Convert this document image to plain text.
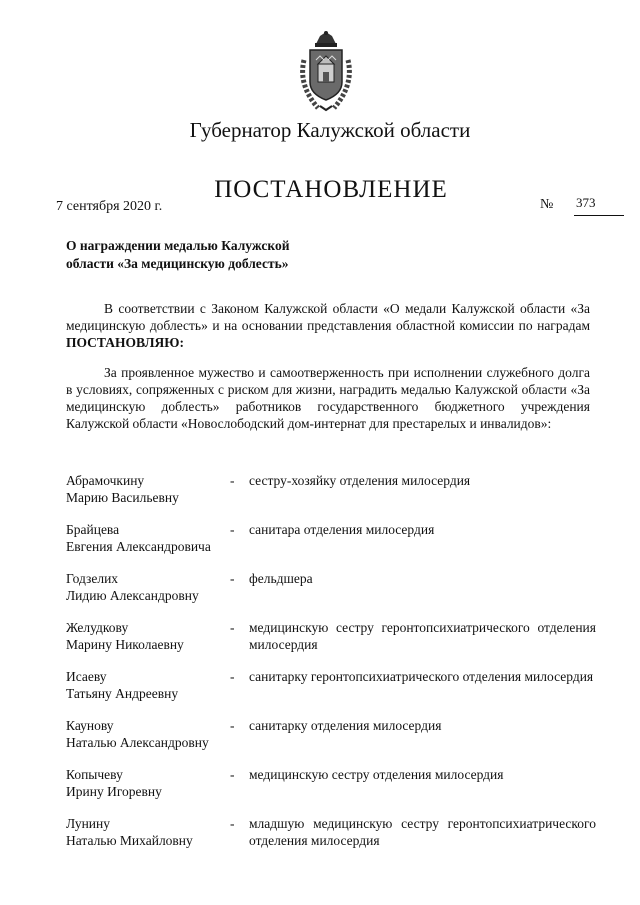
Губернатор Калужской области
ПОСТАНОВЛЕНИЕ
7 сентября 2020 г.	№ 373
О награждении медалью Калужской
области «За медицинскую доблесть»
В соответствии с Законом Калужской области «О медали Калужской области «За медицинскую доблесть» и на основании представления областной комиссии по наградам ПОСТАНОВЛЯЮ:
За проявленное мужество и самоотверженность при исполнении служебного долга в условиях, сопряженных с риском для жизни, наградить медалью Калужской области «За медицинскую доблесть» работников государственного бюджетного учреждения Калужской области «Новослободский дом-интернат для престарелых и инвалидов»:
Абрамочкину
Марию Васильевну
- сестру-хозяйку отделения милосердия
Брайцева
Евгения Александровича
- санитара отделения милосердия
Годзелих
Лидию Александровну
- фельдшера
Желудкову
Марину Николаевну
- медицинскую сестру геронтопсихиатрического отделения милосердия
Исаеву
Татьяну Андреевну
- санитарку геронтопсихиатрического отделения милосердия
Каунову
Наталью Александровну
- санитарку отделения милосердия
Копычеву
Ирину Игоревну
- медицинскую сестру отделения милосердия
Лунину
Наталью Михайловну
- младшую медицинскую сестру геронтопсихиатрического отделения милосердия
